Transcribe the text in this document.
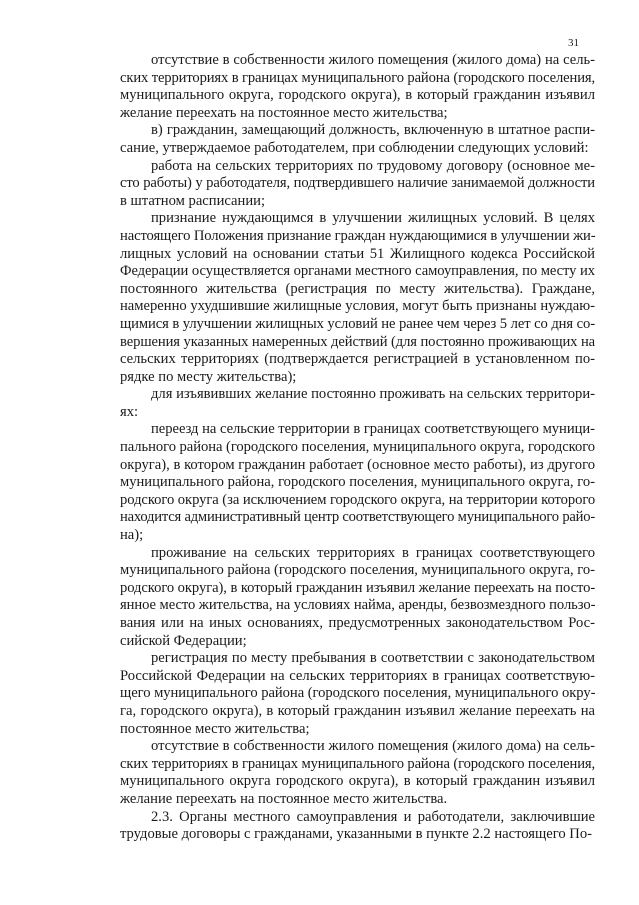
31

отсутствие в собственности жилого помещения (жилого дома) на сель-
ских территориях в границах муниципального района (городского поселения,
муниципального округа, городского округа), в который гражданин изъявил
желание переехать на постоянное место жительства;

в) гражданин, замещающий должность, включенную в штатное распи-
сание, утверждаемое работодателем, при соблюдении следующих условий:

работа на сельских территориях по трудовому договору (основное ме-
сто работы) у работодателя, подтвердившего наличие занимаемой должности
в штатном расписании;

признание нуждающимся в улучшении жилищных условий. В целях
настоящего Положения признание граждан нуждающимися в улучшении жи-
лищных условий на основании статьи 51 Жилищного кодекса Российской
Федерации осуществляется органами местного самоуправления, по месту их
постоянного жительства (регистрация по месту жительства). Граждане,
намеренно ухудшившие жилищные условия, могут быть признаны нуждаю-
щимися в улучшении жилищных условий не ранее чем через 5 лет со дня со-
вершения указанных намеренных действий (для постоянно проживающих на
сельских территориях (подтверждается регистрацией в установленном по-
рядке по месту жительства);

для изъявивших желание постоянно проживать на сельских территори-
ях:

переезд на сельские территории в границах соответствующего муници-
пального района (городского поселения, муниципального округа, городского
округа), в котором гражданин работает (основное место работы), из другого
муниципального района, городского поселения, муниципального округа, го-
родского округа (за исключением городского округа, на территории которого
находится административный центр соответствующего муниципального райо-
на);

проживание на сельских территориях в границах соответствующего
муниципального района (городского поселения, муниципального округа, го-
родского округа), в который гражданин изъявил желание переехать на посто-
янное место жительства, на условиях найма, аренды, безвозмездного пользо-
вания или на иных основаниях, предусмотренных законодательством Рос-
сийской Федерации;

регистрация по месту пребывания в соответствии с законодательством
Российской Федерации на сельских территориях в границах соответствую-
щего муниципального района (городского поселения, муниципального окру-
га, городского округа), в который гражданин изъявил желание переехать на
постоянное место жительства;

отсутствие в собственности жилого помещения (жилого дома) на сель-
ских территориях в границах муниципального района (городского поселения,
муниципального округа городского округа), в который гражданин изъявил
желание переехать на постоянное место жительства.

2.3. Органы местного самоуправления и работодатели, заключившие
трудовые договоры с гражданами, указанными в пункте 2.2 настоящего По-
